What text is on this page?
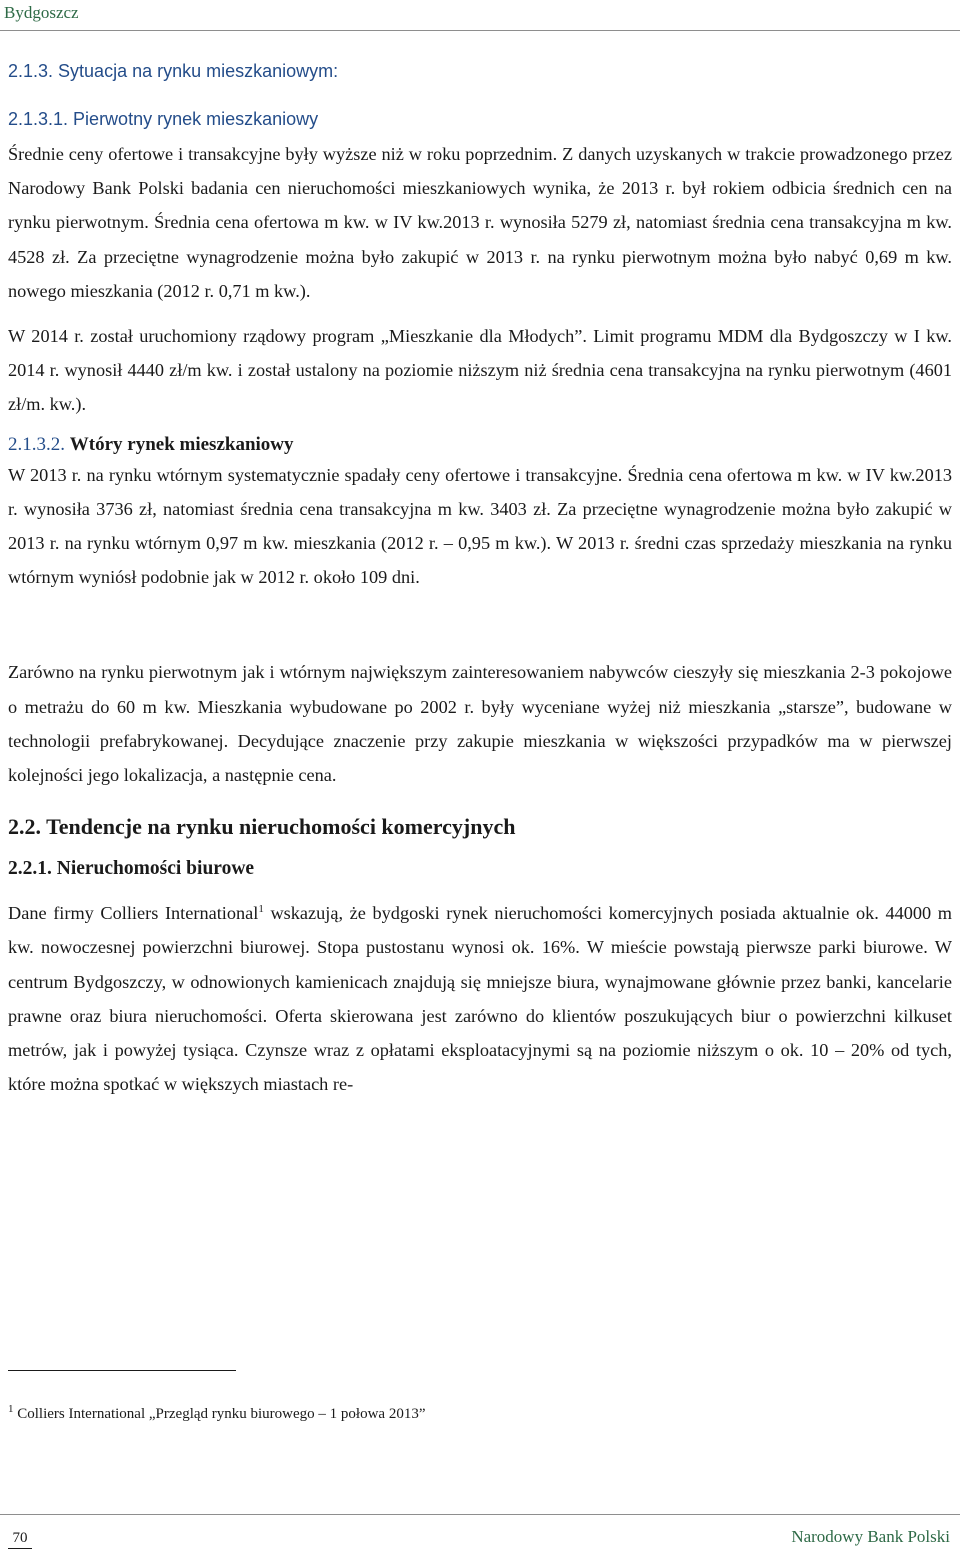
Bydgoszcz
2.1.3. Sytuacja na rynku mieszkaniowym:
2.1.3.1. Pierwotny rynek mieszkaniowy

Średnie ceny ofertowe i transakcyjne były wyższe niż w roku poprzednim. Z danych uzyskanych w trakcie prowadzonego przez Narodowy Bank Polski badania cen nieruchomości mieszkaniowych wynika, że 2013 r. był rokiem odbicia średnich cen na rynku pierwotnym. Średnia cena ofertowa m kw. w IV kw.2013 r. wynosiła 5279 zł, natomiast średnia cena transakcyjna m kw. 4528 zł. Za przeciętne wynagrodzenie można było zakupić w 2013 r. na rynku pierwotnym można było nabyć 0,69 m kw. nowego mieszkania (2012 r. 0,71 m kw.).

W 2014 r. został uruchomiony rządowy program „Mieszkanie dla Młodych”. Limit programu MDM dla Bydgoszczy w I kw. 2014 r. wynosił 4440 zł/m kw. i został ustalony na poziomie niższym niż średnia cena transakcyjna na rynku pierwotnym (4601 zł/m. kw.).

2.1.3.2. Wtóry rynek mieszkaniowy

W 2013 r. na rynku wtórnym systematycznie spadały ceny ofertowe i transakcyjne. Średnia cena ofertowa m kw. w IV kw.2013 r. wynosiła 3736 zł, natomiast średnia cena transakcyjna m kw. 3403 zł. Za przeciętne wynagrodzenie można było zakupić w 2013 r. na rynku wtórnym 0,97 m kw. mieszkania (2012 r. – 0,95 m kw.). W 2013 r. średni czas sprzedaży mieszkania na rynku wtórnym wyniósł podobnie jak w 2012 r. około 109 dni.

Zarówno na rynku pierwotnym jak i wtórnym największym zainteresowaniem nabywców cieszyły się mieszkania 2-3 pokojowe o metrażu do 60 m kw. Mieszkania wybudowane po 2002 r. były wyceniane wyżej niż mieszkania „starsze”, budowane w technologii prefabrykowanej. Decydujące znaczenie przy zakupie mieszkania w większości przypadków ma w pierwszej kolejności jego lokalizacja, a następnie cena.

2.2. Tendencje na rynku nieruchomości komercyjnych
2.2.1. Nieruchomości biurowe

Dane firmy Colliers International$^1$ wskazują, że bydgoski rynek nieruchomości komercyjnych posiada aktualnie ok. 44000 m kw. nowoczesnej powierzchni biurowej. Stopa pustostanu wynosi ok. 16%. W mieście powstają pierwsze parki biurowe. W centrum Bydgoszczy, w odnowionych kamienicach znajdują się mniejsze biura, wynajmowane głównie przez banki, kancelarie prawne oraz biura nieruchomości. Oferta skierowana jest zarówno do klientów poszukujących biur o powierzchni kilkuset metrów, jak i powyżej tysiąca. Czynsze wraz z opłatami eksploatacyjnymi są na poziomie niższym o ok. 10 – 20% od tych, które można spotkać w większych miastach re-

$^1$ Colliers International „Przegląd rynku biurowego – 1 połowa 2013”
70	Narodowy Bank Polski
